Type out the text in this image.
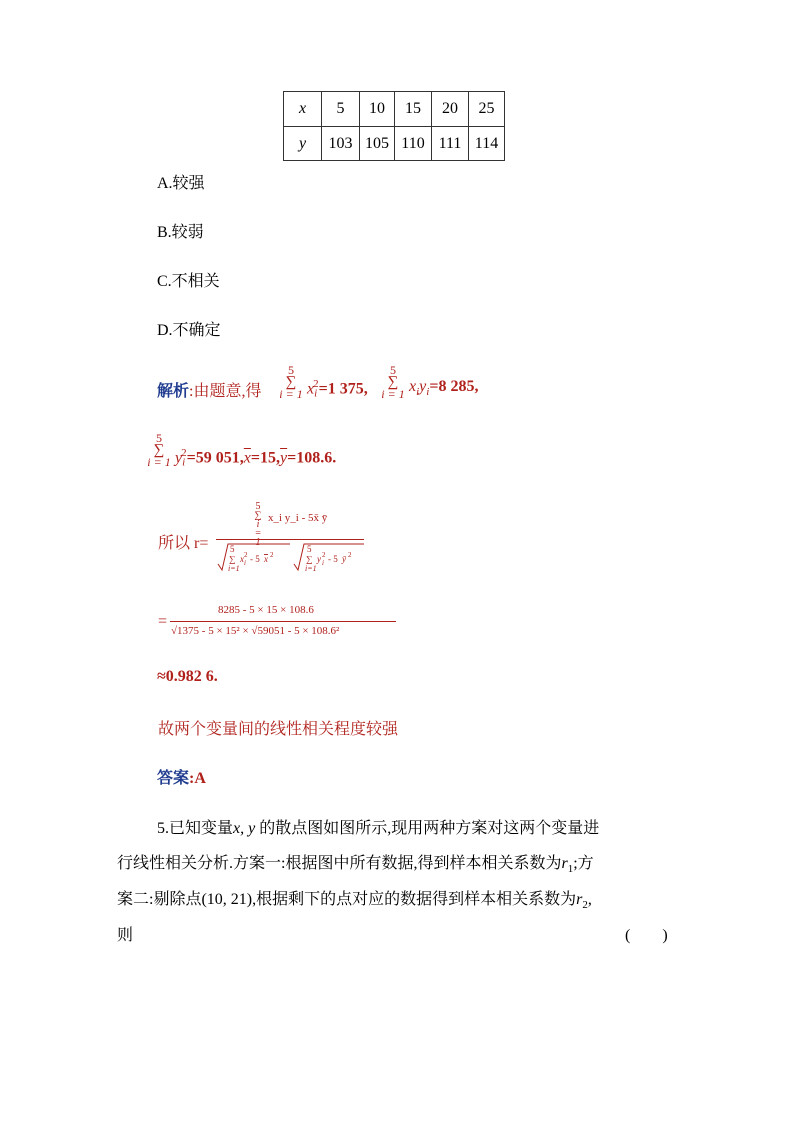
x	5	10	15	20	25
y	103	105	110	111	114
A.较强
B.较弱
C.不相关
D.不确定
解析:由题意,得
5
∑
i = 1 $x_i^2=1$ 375,
5
∑
i = 1 $x_iy_i=8$ 285,
5
∑
i = 1 $y_i^2=59$ $051,\overline{x}=15,\overline{y}=108.6$.
所以 r=
5
∑
i = 1
x_i y_i - 5x̄ ȳ
5
∑
i=1
x i
2 - 5 x 2
5
∑
i=1
y i
2 - 5 ȳ 2
=
8285 - 5 × 15 × 108.6
√1375 - 5 × 15² × √59051 - 5 × 108.6²
≈0.982 6.
故两个变量间的线性相关程度较强
答案:A
5.已知变量x, y 的散点图如图所示,现用两种方案对这两个变量进
行线性相关分析.方案一:根据图中所有数据,得到样本相关系数为$r_1$;方
案二:剔除点(10, 21),根据剩下的点对应的数据得到样本相关系数为$r_2$,
则	(　　)
